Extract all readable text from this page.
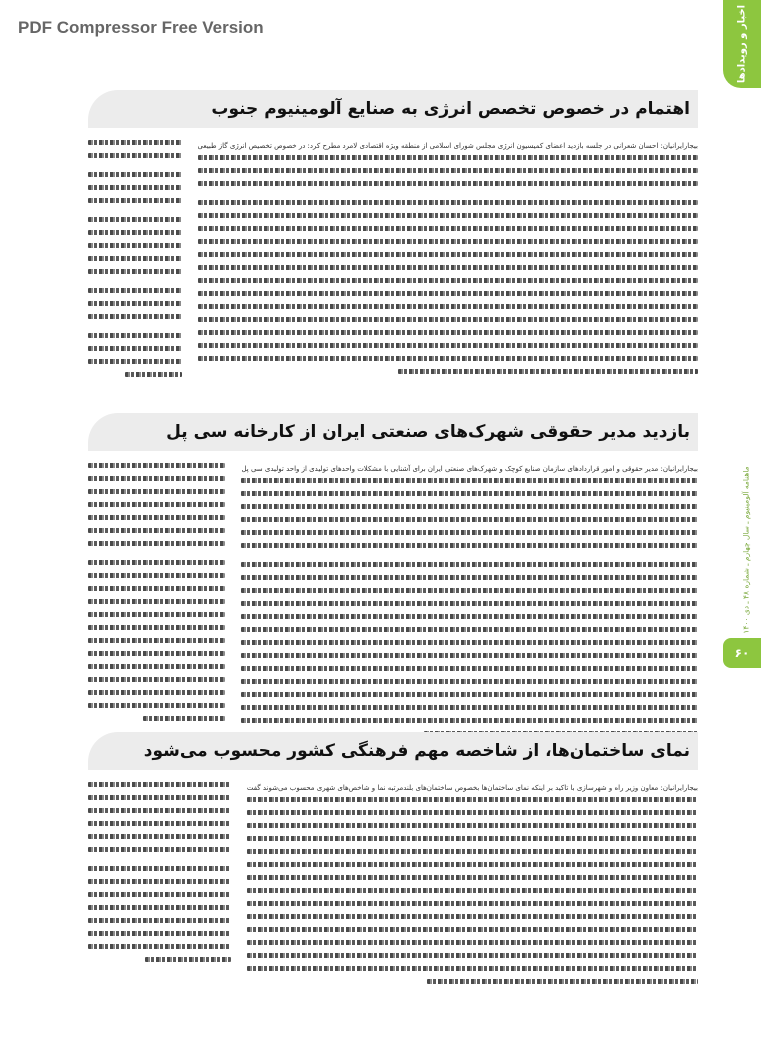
PDF Compressor Free Version	اخبار و رویدادها
ماهنامه آلومینیوم ـ سال چهارم ـ شماره ۴۸ ـ دی ۱۴۰۰
۶۰
اهتمام در خصوص تخصص انرژی به صنایع آلومینیوم جنوب

بیجارایرانیان: احسان شعرانی در جلسه بازدید اعضای کمیسیون انرژی مجلس شورای اسلامی از منطقه ویژه اقتصادی لامرد مطرح کرد: در خصوص تخصیص انرژی گاز طبیعی

بازدید مدیر حقوقی شهرک‌های صنعتی ایران از کارخانه سی پل

بیجارایرانیان: مدیر حقوقی و امور قراردادهای سازمان صنایع کوچک و شهرک‌های صنعتی ایران برای آشنایی با مشکلات واحدهای تولیدی از واحد تولیدی سی پل

نمای ساختمان‌ها، از شاخصه مهم فرهنگی کشور محسوب می‌شود

بیجارایرانیان: معاون وزیر راه و شهرسازی با تاکید بر اینکه نمای ساختمان‌ها بخصوص ساختمان‌های بلندمرتبه نما و شاخص‌های شهری محسوب می‌شوند گفت
